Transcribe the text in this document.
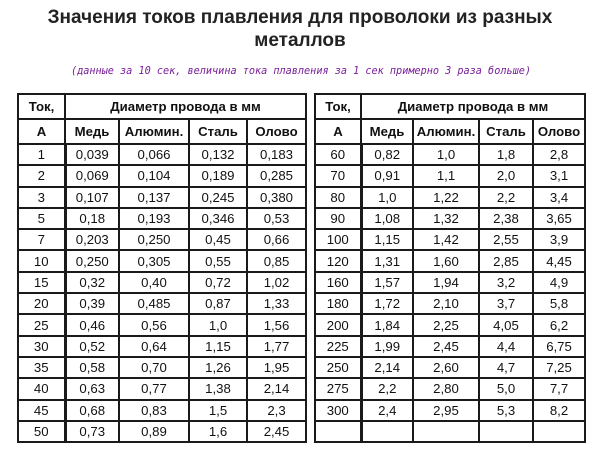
Значения токов плавления для проволоки из разных
металлов
(данные за 10 сек, величина тока плавления за 1 сек примерно 3 раза больше)
Ток,	Диаметр провода в мм			
А	Медь	Алюмин.	Сталь	Олово
1	0,039	0,066	0,132	0,183
2	0,069	0,104	0,189	0,285
3	0,107	0,137	0,245	0,380
5	0,18	0,193	0,346	0,53
7	0,203	0,250	0,45	0,66
10	0,250	0,305	0,55	0,85
15	0,32	0,40	0,72	1,02
20	0,39	0,485	0,87	1,33
25	0,46	0,56	1,0	1,56
30	0,52	0,64	1,15	1,77
35	0,58	0,70	1,26	1,95
40	0,63	0,77	1,38	2,14
45	0,68	0,83	1,5	2,3
50	0,73	0,89	1,6	2,45
Ток,	Диаметр провода в мм			
А	Медь	Алюмин.	Сталь	Олово
60	0,82	1,0	1,8	2,8
70	0,91	1,1	2,0	3,1
80	1,0	1,22	2,2	3,4
90	1,08	1,32	2,38	3,65
100	1,15	1,42	2,55	3,9
120	1,31	1,60	2,85	4,45
160	1,57	1,94	3,2	4,9
180	1,72	2,10	3,7	5,8
200	1,84	2,25	4,05	6,2
225	1,99	2,45	4,4	6,75
250	2,14	2,60	4,7	7,25
275	2,2	2,80	5,0	7,7
300	2,4	2,95	5,3	8,2
